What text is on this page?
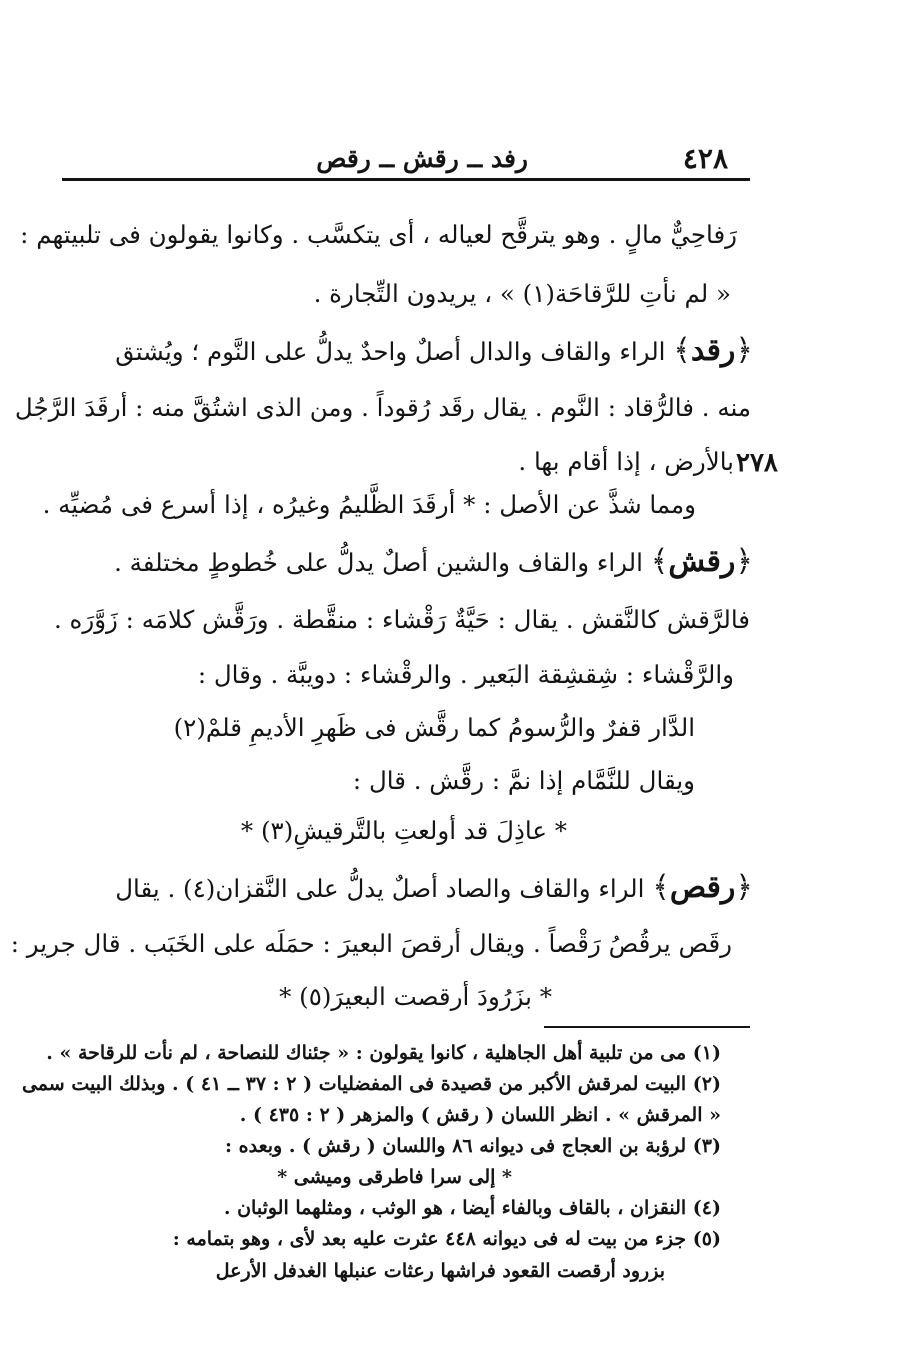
٤٢٨
رفد ــ رقش ــ رقص
رَفاحِيٌّ مالٍ . وهو يترقَّح لعياله ، أى يتكسَّب . وكانوا يقولون فى تلبيتهم :
« لم نأتِ للرَّقاحَة(١) » ، يريدون التِّجارة .
﴿رقد﴾ الراء والقاف والدال أصلٌ واحدٌ يدلُّ على النَّوم ؛ ويُشتق
منه . فالرُّقاد : النَّوم . يقال رقَد رُقوداً . ومن الذى اشتُقَّ منه : أرقَدَ الرَّجُل
٢٧٨
بالأرض ، إذا أقام بها .
ومما شذَّ عن الأصل : * أرقَدَ الظَّليمُ وغيرُه ، إذا أسرع فى مُضيِّه .
﴿رقش﴾ الراء والقاف والشين أصلٌ يدلُّ على خُطوطٍ مختلفة .
فالرَّقش كالنَّقش . يقال : حَيَّةٌ رَقْشاء : منقَّطة . ورَقَّش كلامَه : زَوَّرَه .
والرَّقْشاء : شِقشِقة البَعير . والرقْشاء : دويبَّة . وقال :
الدَّار قفرٌ والرُّسومُ كما رقَّش فى ظَهرِ الأديمِ قلمْ(٢)
ويقال للنَّمَّام إذا نمَّ : رقَّش . قال :
* عاذِلَ قد أولعتِ بالتَّرقيشِ(٣) *
﴿رقص﴾ الراء والقاف والصاد أصلٌ يدلُّ على النَّقزان(٤) . يقال
رقَص يرقُصُ رَقْصاً . ويقال أرقصَ البعيرَ : حمَلَه على الخَبَب . قال جرير :
* بزَرُودَ أرقصت البعيرَ(٥) *
(١) مى من تلبية أهل الجاهلية ، كانوا يقولون : « جئناك للنصاحة ، لم نأت للرقاحة » .
(٢) البيت لمرقش الأكبر من قصيدة فى المفضليات ( ٢ : ٣٧ ــ ٤١ ) . وبذلك البيت سمى
« المرقش » . انظر اللسان ( رقش ) والمزهر ( ٢ : ٤٣٥ ) .
(٣) لرؤبة بن العجاج فى ديوانه ٨٦ واللسان ( رقش ) . وبعده :
* إلى سرا فاطرقى وميشى *
(٤) النقزان ، بالقاف وبالفاء أيضا ، هو الوثب ، ومثلهما الوثبان .
(٥) جزء من بيت له فى ديوانه ٤٤٨ عثرت عليه بعد لأى ، وهو بتمامه :
بزرود أرقصت القعود فراشها رعثات عنبلها الغدفل الأرعل
